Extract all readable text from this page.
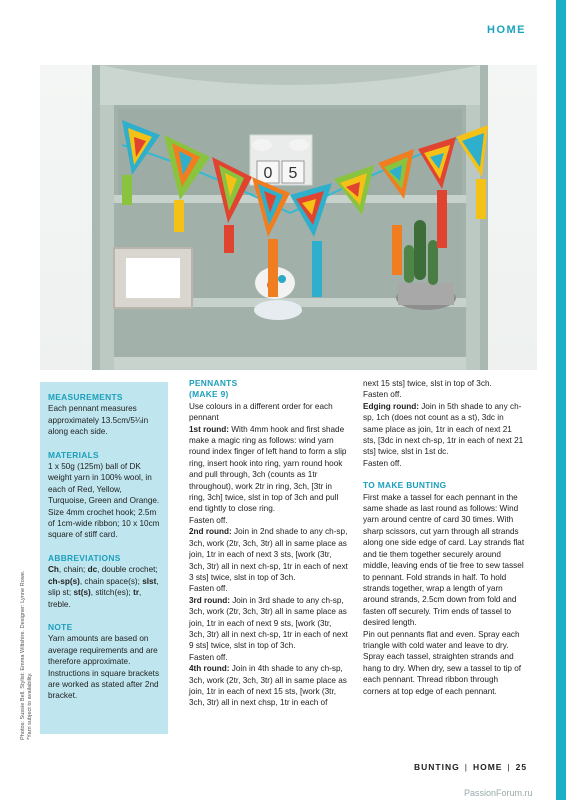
HOME
0 5
MEASUREMENTS

Each pennant measures approximately 13.5cm/5¼in along each side.

MATERIALS

1 x 50g (125m) ball of DK weight yarn in 100% wool, in each of Red, Yellow, Turquoise, Green and Orange. Size 4mm crochet hook; 2.5m of 1cm-wide ribbon; 10 x 10cm square of stiff card.

ABBREVIATIONS

Ch, chain; dc, double crochet; ch-sp(s), chain space(s); slst, slip st; st(s), stitch(es); tr, treble.

NOTE

Yarn amounts are based on average requirements and are therefore approximate. Instructions in square brackets are worked as stated after 2nd bracket.

PENNANTS
(MAKE 9)

Use colours in a different order for each pennant

1st round: With 4mm hook and first shade make a magic ring as follows: wind yarn round index finger of left hand to form a slip ring, insert hook into ring, yarn round hook and pull through, 3ch (counts as 1tr throughout), work 2tr in ring, 3ch, [3tr in ring, 3ch] twice, slst in top of 3ch and pull end tightly to close ring.

Fasten off.

2nd round: Join in 2nd shade to any ch-sp, 3ch, work (2tr, 3ch, 3tr) all in same place as join, 1tr in each of next 3 sts, [work (3tr, 3ch, 3tr) all in next ch-sp, 1tr in each of next 3 sts] twice, slst in top of 3ch.

Fasten off.

3rd round: Join in 3rd shade to any ch-sp, 3ch, work (2tr, 3ch, 3tr) all in same place as join, 1tr in each of next 9 sts, [work (3tr, 3ch, 3tr) all in next ch-sp, 1tr in each of next 9 sts] twice, slst in top of 3ch.

Fasten off.

4th round: Join in 4th shade to any ch-sp, 3ch, work (2tr, 3ch, 3tr) all in same place as join, 1tr in each of next 15 sts, [work (3tr, 3ch, 3tr) all in next chsp, 1tr in each of

next 15 sts] twice, slst in top of 3ch.

Fasten off.

Edging round: Join in 5th shade to any ch-sp, 1ch (does not count as a st), 3dc in same place as join, 1tr in each of next 21 sts, [3dc in next ch-sp, 1tr in each of next 21 sts] twice, slst in 1st dc.

Fasten off.

TO MAKE BUNTING

First make a tassel for each pennant in the same shade as last round as follows: Wind yarn around centre of card 30 times. With sharp scissors, cut yarn through all strands along one side edge of card. Lay strands flat and tie them together securely around middle, leaving ends of tie free to sew tassel to pennant. Fold strands in half. To hold strands together, wrap a length of yarn around strands, 2.5cm down from fold and fasten off securely. Trim ends of tassel to desired length.

Pin out pennants flat and even. Spray each triangle with cold water and leave to dry. Spray each tassel, straighten strands and hang to dry. When dry, sew a tassel to tip of each pennant. Thread ribbon through corners at top edge of each pennant.

Photos: Sussie Bell. Stylist: Emma Wiltshire. Designer: Lynne Rowe. *Yarn subject to availability.
BUNTING | HOME | 25
PassionForum.ru
